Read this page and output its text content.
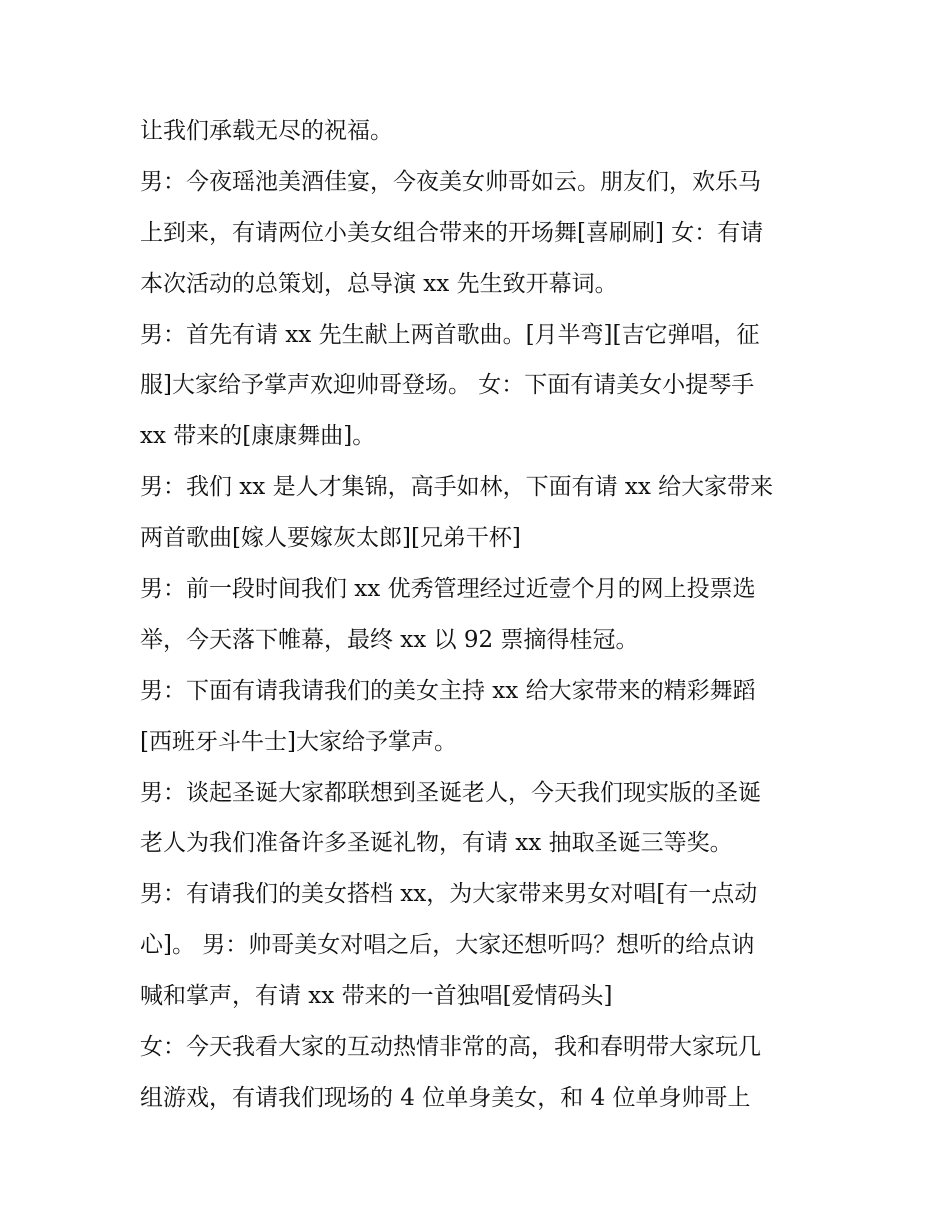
让我们承载无尽的祝福。
男：今夜瑶池美酒佳宴，今夜美女帅哥如云。朋友们，欢乐马
上到来，有请两位小美女组合带来的开场舞[喜刷刷] 女：有请
本次活动的总策划，总导演 xx 先生致开幕词。
男：首先有请 xx 先生献上两首歌曲。[月半弯][吉它弹唱，征
服]大家给予掌声欢迎帅哥登场。 女：下面有请美女小提琴手
xx 带来的[康康舞曲]。
男：我们 xx 是人才集锦，高手如林，下面有请 xx 给大家带来
两首歌曲[嫁人要嫁灰太郎][兄弟干杯]
男：前一段时间我们 xx 优秀管理经过近壹个月的网上投票选
举，今天落下帷幕，最终 xx 以 92 票摘得桂冠。
男：下面有请我请我们的美女主持 xx 给大家带来的精彩舞蹈
[西班牙斗牛士]大家给予掌声。
男：谈起圣诞大家都联想到圣诞老人，今天我们现实版的圣诞
老人为我们准备许多圣诞礼物，有请 xx 抽取圣诞三等奖。
男：有请我们的美女搭档 xx，为大家带来男女对唱[有一点动
心]。 男：帅哥美女对唱之后，大家还想听吗？想听的给点讷
喊和掌声，有请 xx 带来的一首独唱[爱情码头]
女：今天我看大家的互动热情非常的高，我和春明带大家玩几
组游戏，有请我们现场的 4 位单身美女，和 4 位单身帅哥上
